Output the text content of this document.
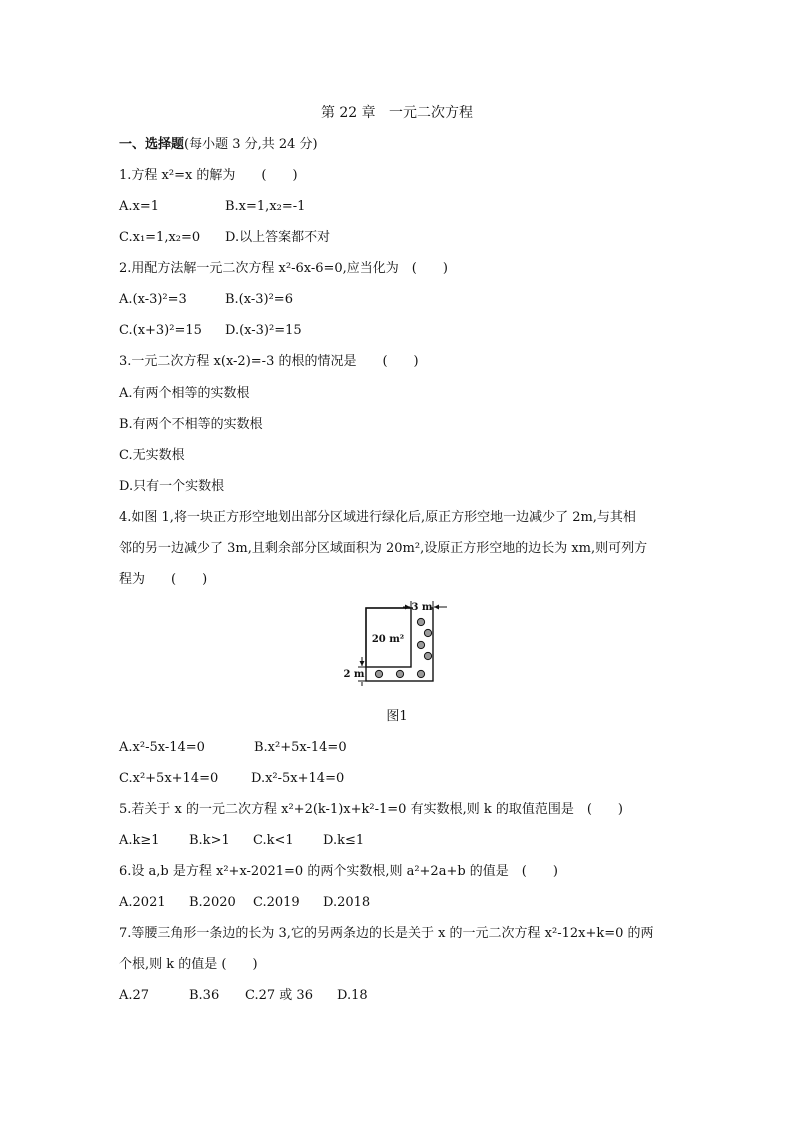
第 22 章   一元二次方程
一、选择题(每小题 3 分,共 24 分)
1.方程 x²=x 的解为　　(　　)
A.x=1	B.x=1,x₂=-1
C.x₁=1,x₂=0 D.以上答案都不对
2.用配方法解一元二次方程 x²-6x-6=0,应当化为　(　　)
A.(x-3)²=3	B.(x-3)²=6
C.(x+3)²=15 D.(x-3)²=15
3.一元二次方程 x(x-2)=-3 的根的情况是　　(　　)
A.有两个相等的实数根
B.有两个不相等的实数根
C.无实数根
D.只有一个实数根
4.如图 1,将一块正方形空地划出部分区域进行绿化后,原正方形空地一边减少了 2m,与其相
邻的另一边减少了 3m,且剩余部分区域面积为 20m²,设原正方形空地的边长为 xm,则可列方
程为　　(　　)
3 m
20 m²
2 m
图1
A.x²-5x-14=0	B.x²+5x-14=0
C.x²+5x+14=0	D.x²-5x+14=0
5.若关于 x 的一元二次方程 x²+2(k-1)x+k²-1=0 有实数根,则 k 的取值范围是　(　　)
A.k≥1 B.k>1 C.k<1 D.k≤1
6.设 a,b 是方程 x²+x-2021=0 的两个实数根,则 a²+2a+b 的值是　(　　)
A.2021 B.2020 C.2019 D.2018
7.等腰三角形一条边的长为 3,它的另两条边的长是关于 x 的一元二次方程 x²-12x+k=0 的两
个根,则 k 的值是 (　　)
A.27	B.36 C.27 或 36 D.18
